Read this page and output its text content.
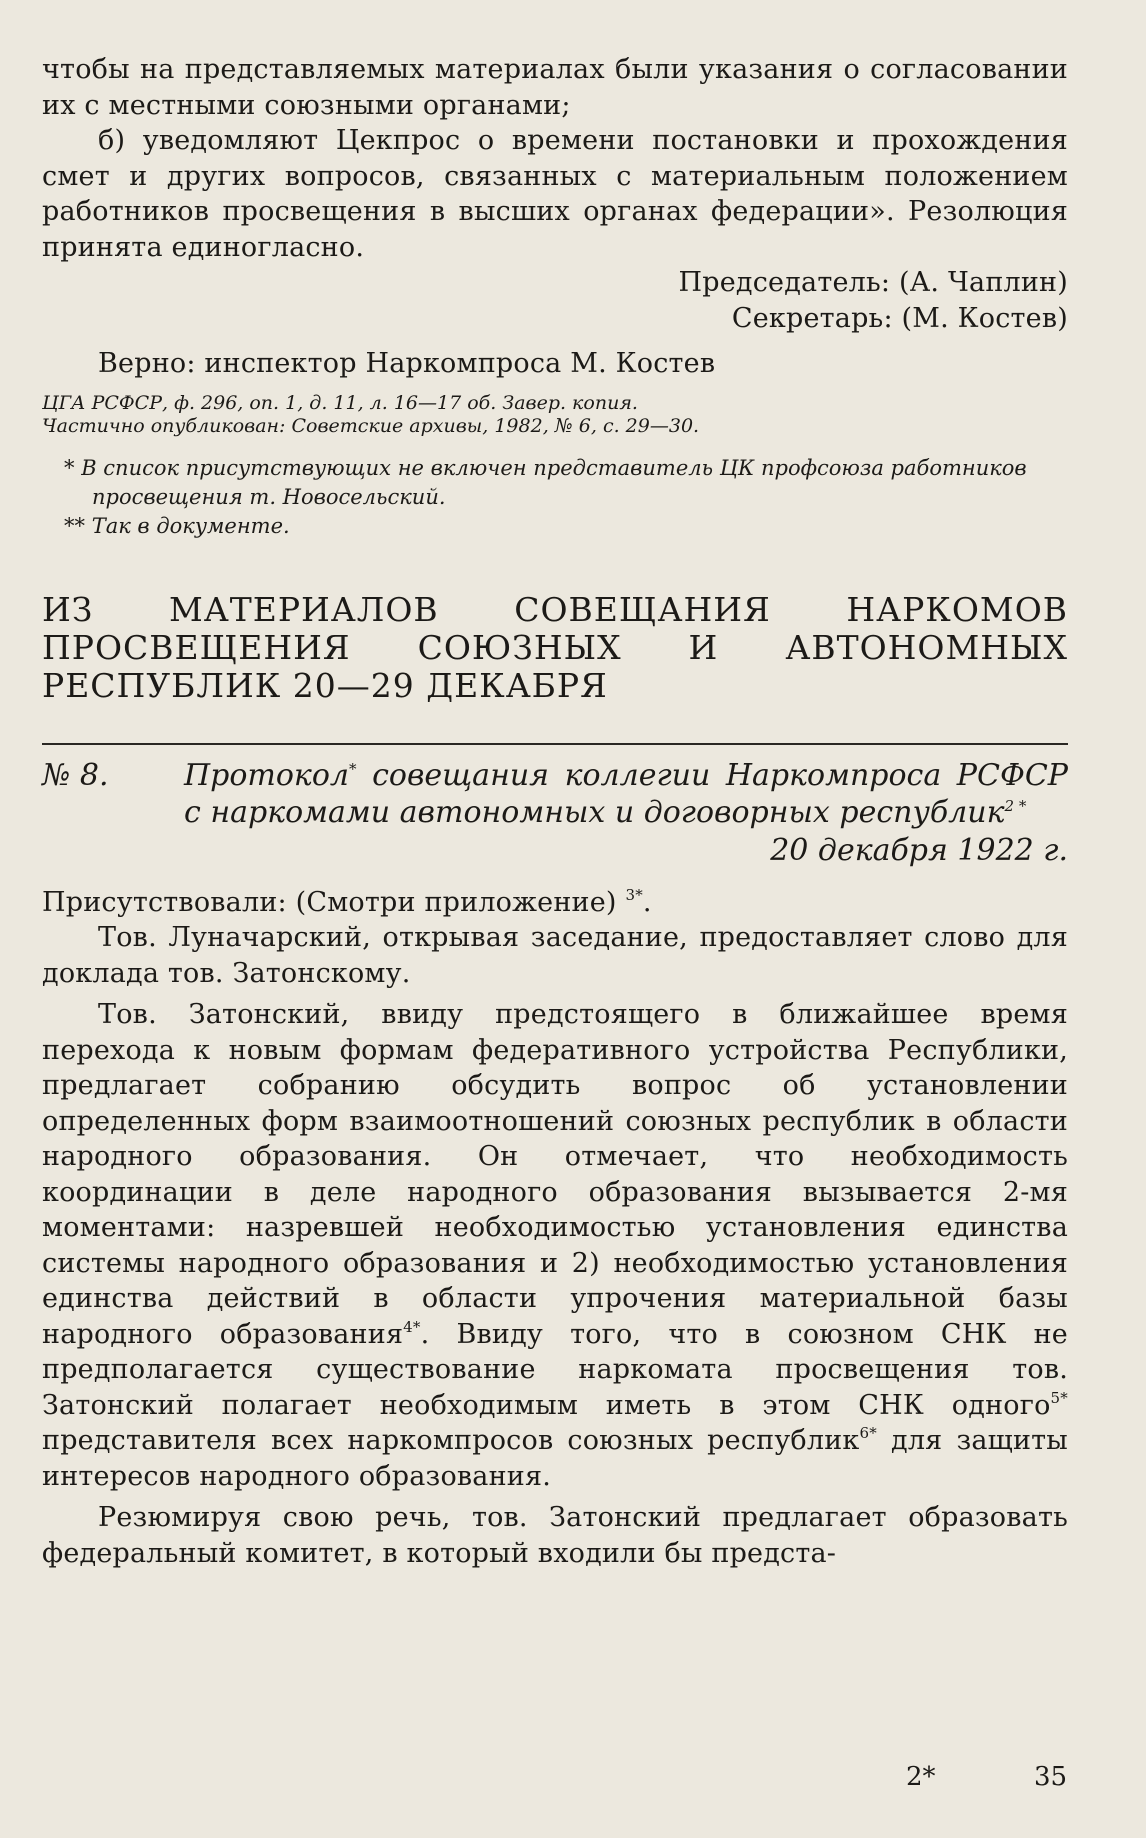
чтобы на представляемых материалах были указания о согласовании их с местными союзными органами;

б) уведомляют Цекпрос о времени постановки и прохождения смет и других вопросов, связанных с материальным положением работников просвещения в высших органах федерации». Резолюция принята единогласно.

Председатель: (А. Чаплин)

Секретарь: (М. Костев)

Верно: инспектор Наркомпроса М. Костев

ЦГА РСФСР, ф. 296, оп. 1, д. 11, л. 16—17 об. Завер. копия.

Частично опубликован: Советские архивы, 1982, № 6, с. 29—30.

* В список присутствующих не включен представитель ЦК профсоюза работников просвещения т. Новосельский.

** Так в документе.

ИЗ МАТЕРИАЛОВ СОВЕЩАНИЯ НАРКОМОВ ПРОСВЕЩЕНИЯ СОЮЗНЫХ И АВТОНОМНЫХ РЕСПУБЛИК 20—29 ДЕКАБРЯ
№ 8.	Протокол* совещания коллегии Наркомпроса РСФСР с наркомами автономных и договорных республик$^{2 *}$
20 декабря 1922 г.

Присутствовали: (Смотри приложение) $^{3*}$.

Тов. Луначарский, открывая заседание, предоставляет слово для доклада тов. Затонскому.

Тов. Затонский, ввиду предстоящего в ближайшее время перехода к новым формам федеративного устройства Республики, предлагает собранию обсудить вопрос об установлении определенных форм взаимоотношений союзных республик в области народного образования. Он отмечает, что необходимость координации в деле народного образования вызывается 2-мя моментами: назревшей необходимостью установления единства системы народного образования и 2) необходимостью установления единства действий в области упрочения материальной базы народного образования$^{4*}$. Ввиду того, что в союзном СНК не предполагается существование наркомата просвещения тов. Затонский полагает необходимым иметь в этом СНК одного$^{5*}$ представителя всех наркомпросов союзных республик$^{6*}$ для защиты интересов народного образования.

Резюмируя свою речь, тов. Затонский предлагает образовать федеральный комитет, в который входили бы предста-

2*	35
